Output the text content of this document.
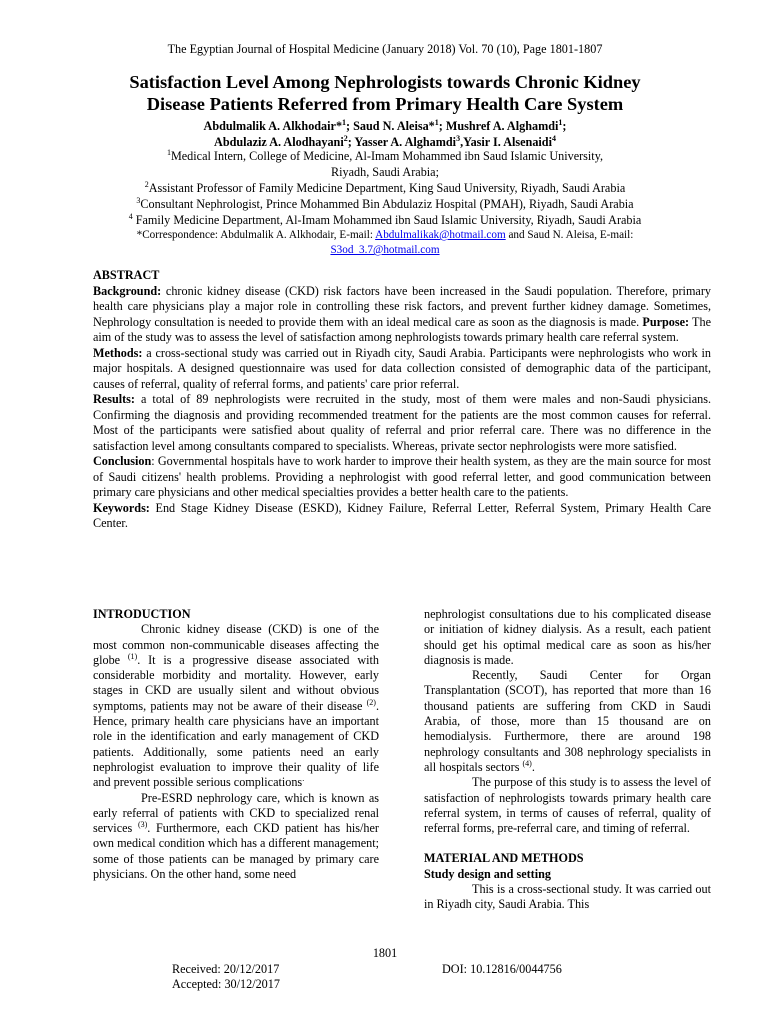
The Egyptian Journal of Hospital Medicine (January 2018) Vol. 70 (10), Page 1801-1807
Satisfaction Level Among Nephrologists towards Chronic Kidney
Disease Patients Referred from Primary Health Care System
Abdulmalik A. Alkhodair*$^1$; Saud N. Aleisa*$^1$; Mushref A. Alghamdi$^1$;
Abdulaziz A. Alodhayani$^2$; Yasser A. Alghamdi$^3$,Yasir I. Alsenaidi$^4$
$^1$Medical Intern, College of Medicine, Al-Imam Mohammed ibn Saud Islamic University,
Riyadh, Saudi Arabia;
$^2$Assistant Professor of Family Medicine Department, King Saud University, Riyadh, Saudi Arabia
$^3$Consultant Nephrologist, Prince Mohammed Bin Abdulaziz Hospital (PMAH), Riyadh, Saudi Arabia
$^4$ Family Medicine Department, Al-Imam Mohammed ibn Saud Islamic University, Riyadh, Saudi Arabia
*Correspondence: Abdulmalik A. Alkhodair, E-mail: Abdulmalikak@hotmail.com and Saud N. Aleisa, E-mail:
S3od_3.7@hotmail.com

ABSTRACT

Background: chronic kidney disease (CKD) risk factors have been increased in the Saudi population. Therefore, primary health care physicians play a major role in controlling these risk factors, and prevent further kidney damage. Sometimes, Nephrology consultation is needed to provide them with an ideal medical care as soon as the diagnosis is made. Purpose: The aim of the study was to assess the level of satisfaction among nephrologists towards primary health care referral system.

Methods: a cross-sectional study was carried out in Riyadh city, Saudi Arabia. Participants were nephrologists who work in major hospitals. A designed questionnaire was used for data collection consisted of demographic data of the participant, causes of referral, quality of referral forms, and patients' care prior referral.

Results: a total of 89 nephrologists were recruited in the study, most of them were males and non-Saudi physicians. Confirming the diagnosis and providing recommended treatment for the patients are the most common causes for referral. Most of the participants were satisfied about quality of referral and prior referral care. There was no difference in the satisfaction level among consultants compared to specialists. Whereas, private sector nephrologists were more satisfied.

Conclusion: Governmental hospitals have to work harder to improve their health system, as they are the main source for most of Saudi citizens' health problems. Providing a nephrologist with good referral letter, and good communication between primary care physicians and other medical specialties provides a better health care to the patients.

Keywords: End Stage Kidney Disease (ESKD), Kidney Failure, Referral Letter, Referral System, Primary Health Care Center.

INTRODUCTION

Chronic kidney disease (CKD) is one of the most common non-communicable diseases affecting the globe $^{(1)}$. It is a progressive disease associated with considerable morbidity and mortality. However, early stages in CKD are usually silent and without obvious symptoms, patients may not be aware of their disease $^{(2)}$. Hence, primary health care physicians have an important role in the identification and early management of CKD patients. Additionally, some patients need an early nephrologist evaluation to improve their quality of life and prevent possible serious complications.

Pre-ESRD nephrology care, which is known as early referral of patients with CKD to specialized renal services $^{(3)}$. Furthermore, each CKD patient has his/her own medical condition which has a different management; some of those patients can be managed by primary care physicians. On the other hand, some need

nephrologist consultations due to his complicated disease or initiation of kidney dialysis. As a result, each patient should get his optimal medical care as soon as his/her diagnosis is made.

Recently, Saudi Center for Organ Transplantation (SCOT), has reported that more than 16 thousand patients are suffering from CKD in Saudi Arabia, of those, more than 15 thousand are on hemodialysis. Furthermore, there are around 198 nephrology consultants and 308 nephrology specialists in all hospitals sectors $^{(4)}$.

The purpose of this study is to assess the level of satisfaction of nephrologists towards primary health care referral system, in terms of causes of referral, quality of referral forms, pre-referral care, and timing of referral.

MATERIAL AND METHODS

Study design and setting

This is a cross-sectional study. It was carried out in Riyadh city, Saudi Arabia. This

1801
Received: 20/12/2017
Accepted: 30/12/2017
DOI: 10.12816/0044756
